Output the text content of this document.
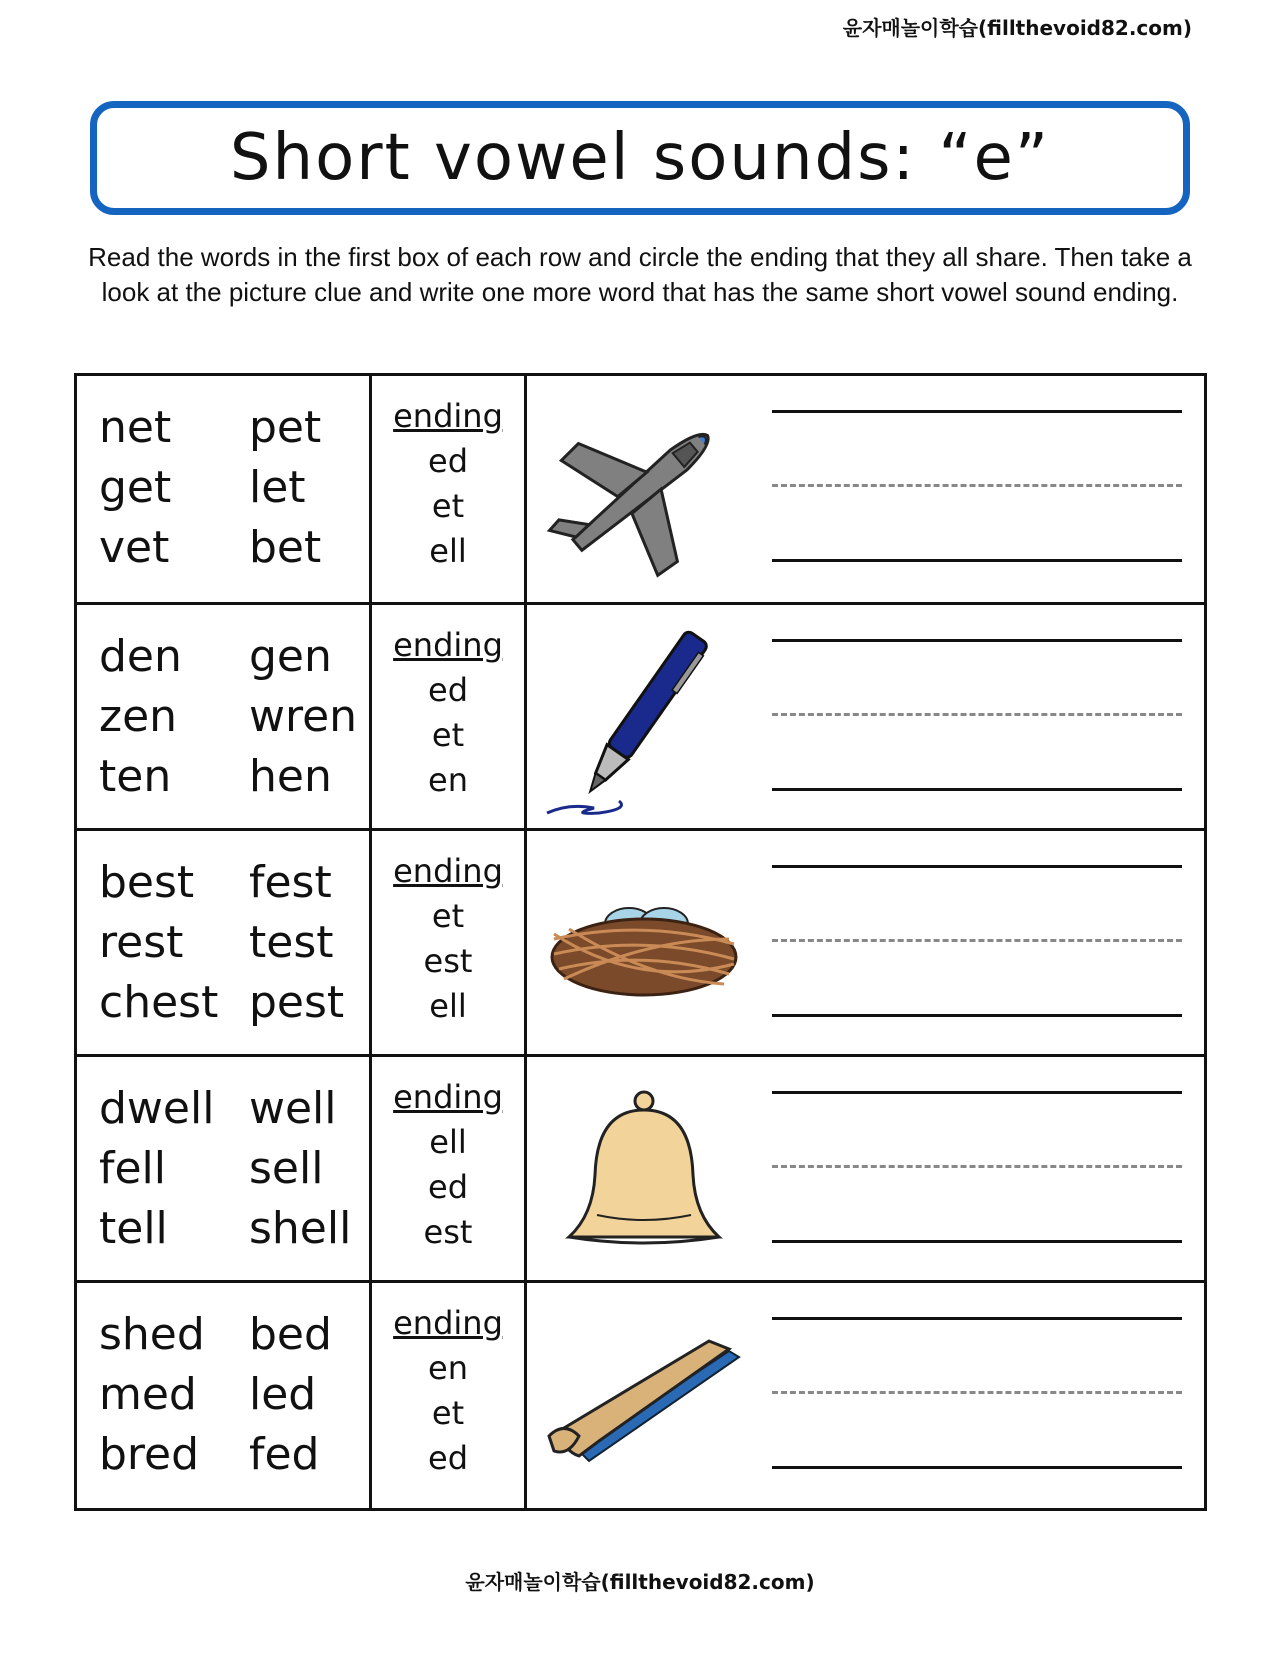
윤자매놀이학습(fillthevoid82.com)
Short vowel sounds: “e”
Read the words in the first box of each row and circle the ending that they all share. Then take a look at the picture clue and write one more word that has the same short vowel sound ending.
net
get
vet
pet
let
bet
ending
ed
et
ell
den
zen
ten
gen
wren
hen
ending
ed
et
en
best
rest
chest
fest
test
pest
ending
et
est
ell
dwell
fell
tell
well
sell
shell
ending
ell
ed
est
shed
med
bred
bed
led
fed
ending
en
et
ed
윤자매놀이학습(fillthevoid82.com)
